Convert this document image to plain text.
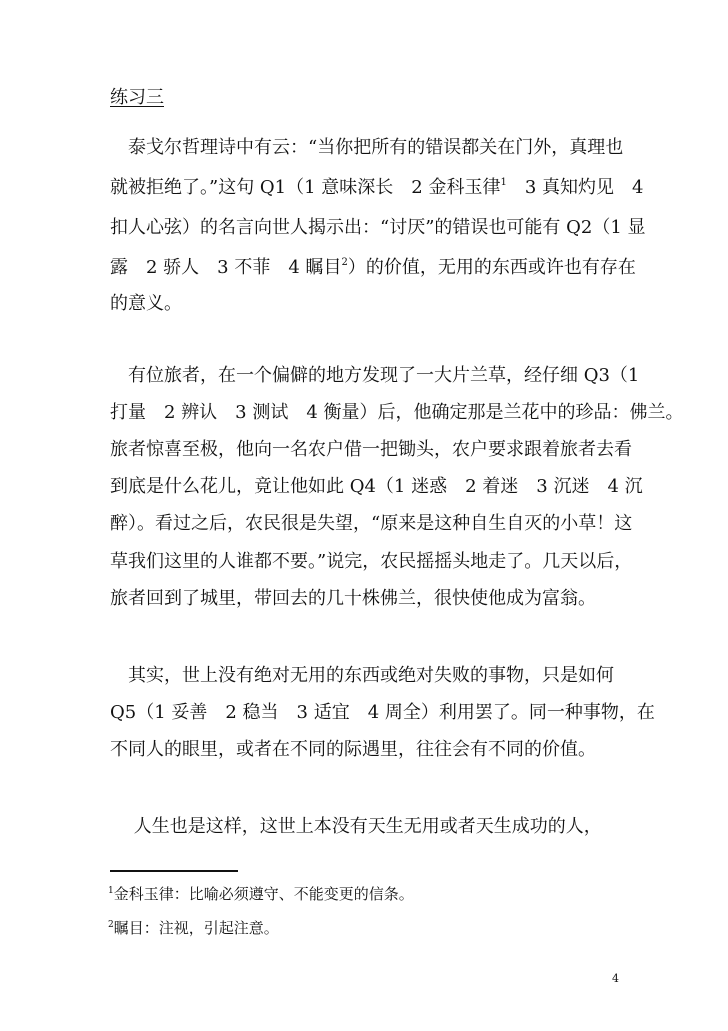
练习三

　泰戈尔哲理诗中有云：“当你把所有的错误都关在门外，真理也

就被拒绝了。”这句 Q1（1 意味深长　2 金科玉律$^1$　3 真知灼见　4

扣人心弦）的名言向世人揭示出：“讨厌”的错误也可能有 Q2（1 显

露　2 骄人　3 不菲　4 瞩目$^2$）的价值，无用的东西或许也有存在

的意义。

　有位旅者，在一个偏僻的地方发现了一大片兰草，经仔细 Q3（1

打量　2 辨认　3 测试　4 衡量）后，他确定那是兰花中的珍品：佛兰。

旅者惊喜至极，他向一名农户借一把锄头，农户要求跟着旅者去看

到底是什么花儿，竟让他如此 Q4（1 迷惑　2 着迷　3 沉迷　4 沉

醉）。看过之后，农民很是失望，“原来是这种自生自灭的小草！这

草我们这里的人谁都不要。”说完，农民摇摇头地走了。几天以后，

旅者回到了城里，带回去的几十株佛兰，很快使他成为富翁。

　其实，世上没有绝对无用的东西或绝对失败的事物，只是如何

Q5（1 妥善　2 稳当　3 适宜　4 周全）利用罢了。同一种事物，在

不同人的眼里，或者在不同的际遇里，往往会有不同的价值。

　 人生也是这样，这世上本没有天生无用或者天生成功的人，

$^1$金科玉律：比喻必须遵守、不能变更的信条。

$^2$瞩目：注视，引起注意。

4
